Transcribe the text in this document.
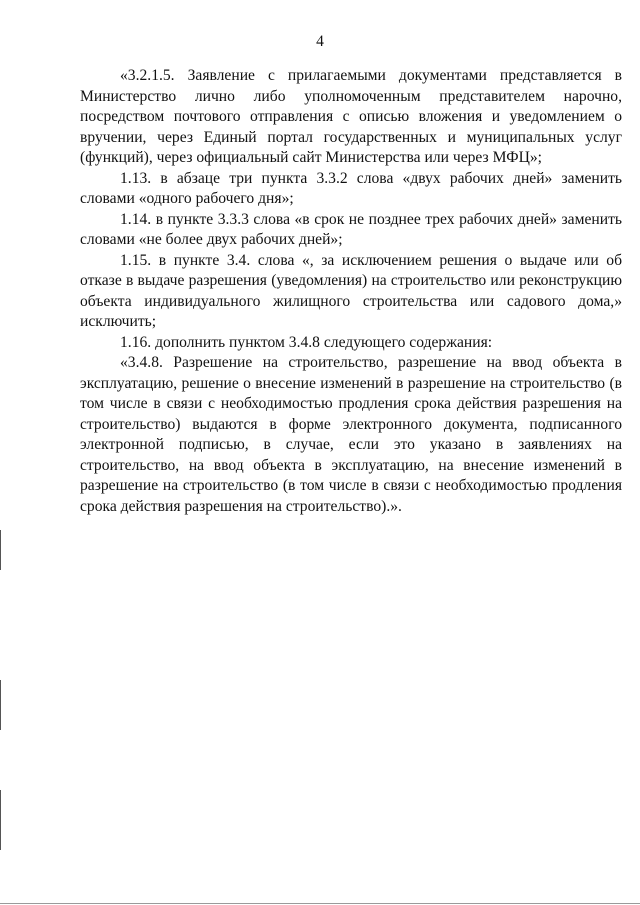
4

«3.2.1.5. Заявление с прилагаемыми документами представляется в Министерство лично либо уполномоченным представителем нарочно, посредством почтового отправления с описью вложения и уведомлением о вручении, через Единый портал государственных и муниципальных услуг (функций), через официальный сайт Министерства или через МФЦ»;

1.13. в абзаце три пункта 3.3.2 слова «двух рабочих дней» заменить словами «одного рабочего дня»;

1.14. в пункте 3.3.3 слова «в срок не позднее трех рабочих дней» заменить словами «не более двух рабочих дней»;

1.15. в пункте 3.4. слова «, за исключением решения о выдаче или об отказе в выдаче разрешения (уведомления) на строительство или реконструкцию объекта индивидуального жилищного строительства или садового дома,» исключить;

1.16. дополнить пунктом 3.4.8 следующего содержания:

«3.4.8. Разрешение на строительство, разрешение на ввод объекта в эксплуатацию, решение о внесение изменений в разрешение на строительство (в том числе в связи с необходимостью продления срока действия разрешения на строительство) выдаются в форме электронного документа, подписанного электронной подписью, в случае, если это указано в заявлениях на строительство, на ввод объекта в эксплуатацию, на внесение изменений в разрешение на строительство (в том числе в связи с необходимостью продления срока действия разрешения на строительство).».
